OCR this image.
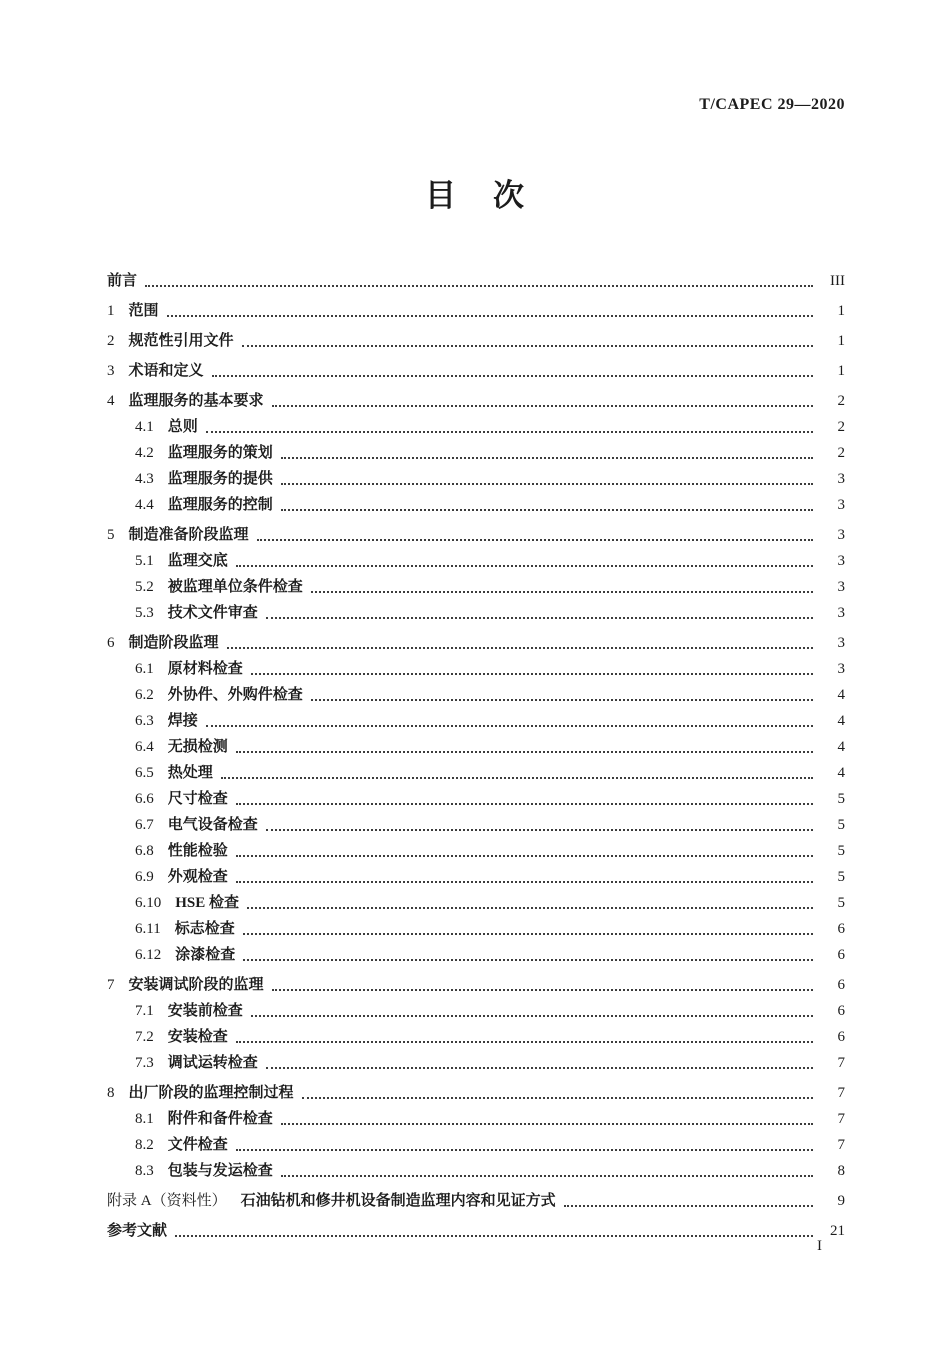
T/CAPEC 29—2020
目　次
前言	III
1 范围	1
2 规范性引用文件	1
3 术语和定义	1
4 监理服务的基本要求	2
4.1 总则	2
4.2 监理服务的策划	2
4.3 监理服务的提供	3
4.4 监理服务的控制	3
5 制造准备阶段监理	3
5.1 监理交底	3
5.2 被监理单位条件检查	3
5.3 技术文件审查	3
6 制造阶段监理	3
6.1 原材料检查	3
6.2 外协件、外购件检查	4
6.3 焊接	4
6.4 无损检测	4
6.5 热处理	4
6.6 尺寸检查	5
6.7 电气设备检查	5
6.8 性能检验	5
6.9 外观检查	5
6.10 HSE 检查	5
6.11 标志检查	6
6.12 涂漆检查	6
7 安装调试阶段的监理	6
7.1 安装前检查	6
7.2 安装检查	6
7.3 调试运转检查	7
8 出厂阶段的监理控制过程	7
8.1 附件和备件检查	7
8.2 文件检查	7
8.3 包装与发运检查	8
附录 A（资料性） 石油钻机和修井机设备制造监理内容和见证方式	9
参考文献	21
I
